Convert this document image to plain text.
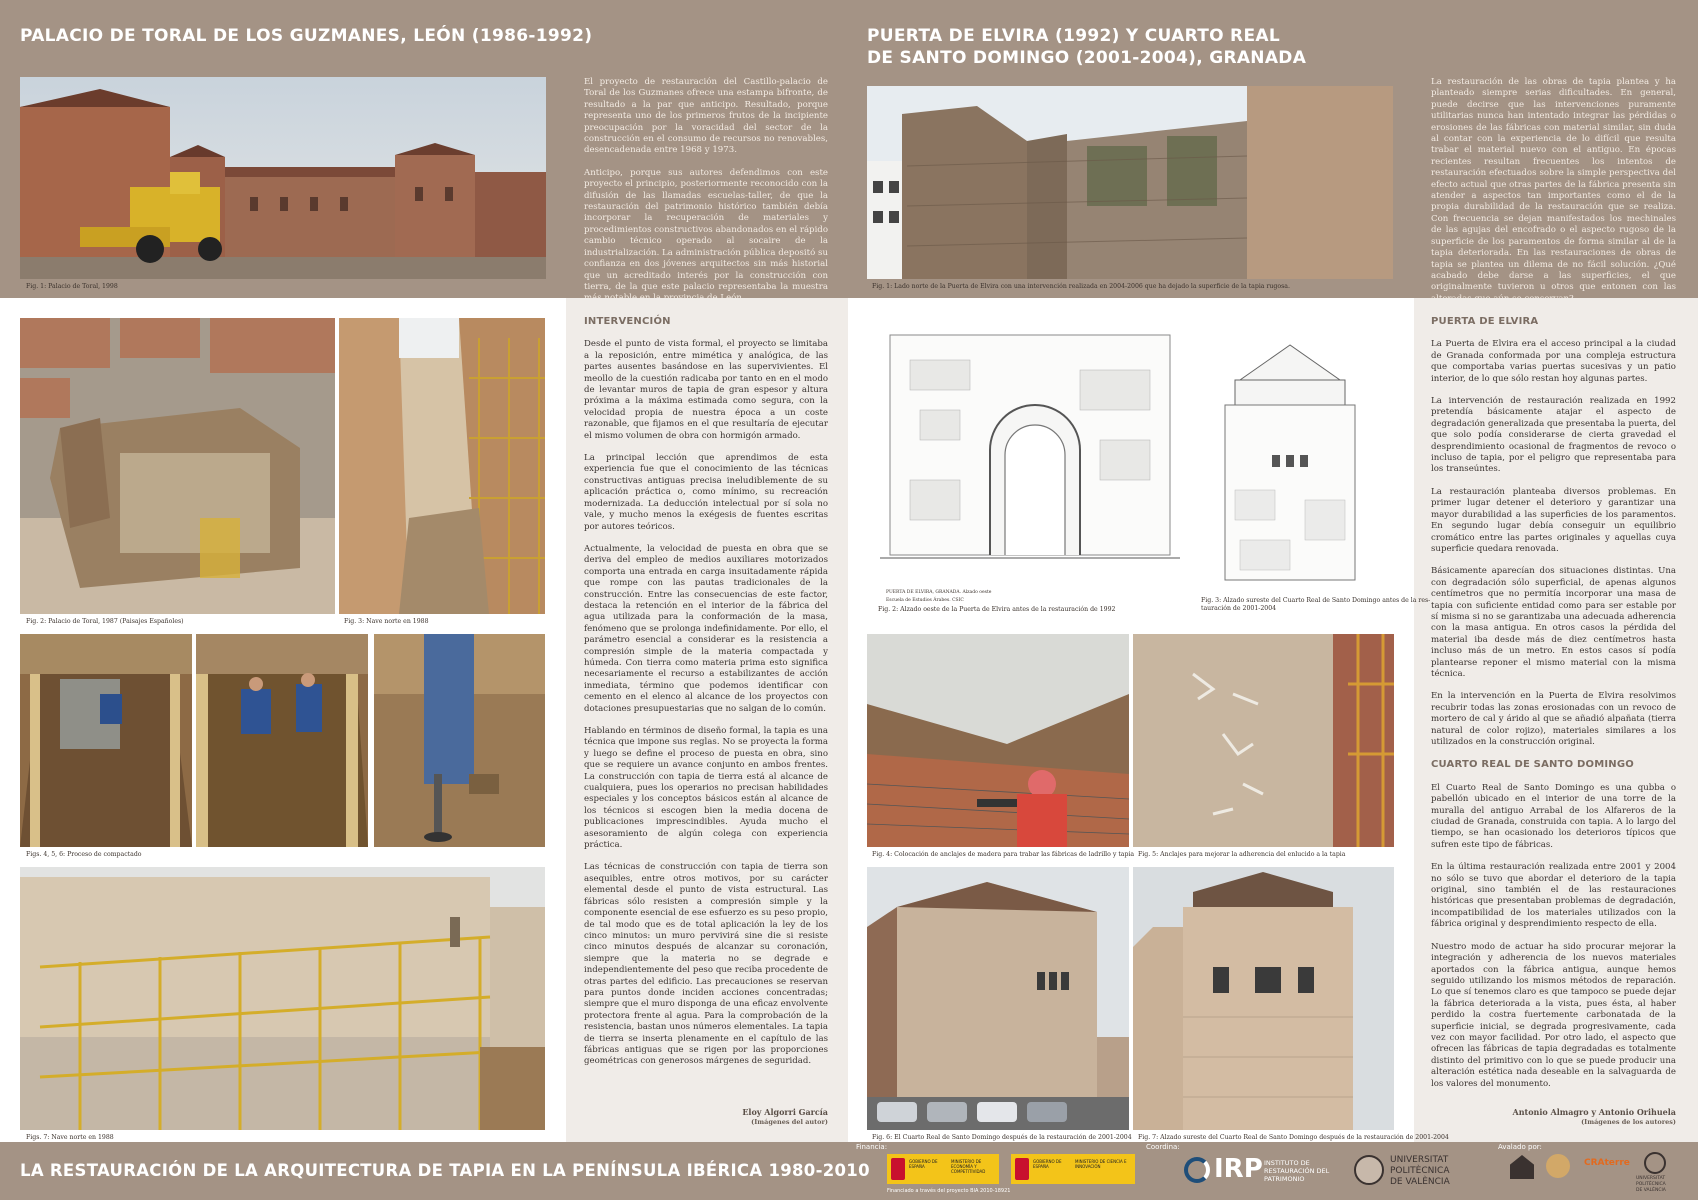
PALACIO DE TORAL DE LOS GUZMANES, LEÓN (1986-1992)	PUERTA DE ELVIRA (1992) Y CUARTO REAL
DE SANTO DOMINGO (2001-2004), GRANADA
Fig. 1: Palacio de Toral, 1998

El proyecto de restauración del Castillo-palacio de Toral de los Guzmanes ofrece una estampa bifronte, de resultado a la par que anticipo. Resultado, porque representa uno de los primeros frutos de la incipiente preocupación por la voracidad del sector de la construcción en el consumo de recursos no renovables, desencadenada entre 1968 y 1973.

Anticipo, porque sus autores defendimos con este proyecto el principio, posteriormente reconocido con la difusión de las llamadas escuelas-taller, de que la restauración del patrimonio histórico también debía incorporar la recuperación de materiales y procedimientos constructivos abandonados en el rápido cambio técnico operado al socaire de la industrialización. La administración pública depositó su confianza en dos jóvenes arquitectos sin más historial que un acreditado interés por la construcción con tierra, de la que este palacio representaba la muestra	Fig. 1: Lado norte de la Puerta de Elvira con una intervención realizada en 2004-2006 que ha dejado la superficie de la tapia rugosa.

La restauración de las obras de tapia plantea y ha planteado siempre serias dificultades. En general, puede decirse que las intervenciones puramente utilitarias nunca han intentado integrar las pérdidas o erosiones de las fábricas con material similar, sin duda al contar con la experiencia de lo difícil que resulta trabar el material nuevo con el antiguo. En épocas recientes resultan frecuentes los intentos de restauración efectuados sobre la simple perspectiva del efecto actual que otras partes de la fábrica presenta sin atender a aspectos tan importantes como el de la propia durabilidad de la restauración que se realiza. Con frecuencia se dejan manifestados los mechinales de las agujas del encofrado o el aspecto rugoso de la superficie de los paramentos de forma similar al de la tapia deteriorada. En las restauraciones de obras de tapia se plantea un dilema de no fácil solución. ¿Qué acabado debe darse a las superficies, el que originalmente tuvieron u otros que entonen con las

Fig. 2: Palacio de Toral, 1987 (Paisajes Españoles)	Fig. 3: Nave norte en 1988
Figs. 4, 5, 6: Proceso de compactado
Figs. 7: Nave norte en 1988
INTERVENCIÓN

Desde el punto de vista formal, el proyecto se limitaba a la reposición, entre mimética y analógica, de las partes ausentes basándose en las supervivientes. El meollo de la cuestión radicaba por tanto en en el modo de levantar muros de tapia de gran espesor y altura próxima a la máxima estimada como segura, con la velocidad propia de nuestra época a un coste razonable, que fijamos en el que resultaría de ejecutar el mismo volumen de obra con hormigón armado.

La principal lección que aprendimos de esta experiencia fue que el conocimiento de las técnicas constructivas antiguas precisa ineludiblemente de su aplicación práctica o, como mínimo, su recreación modernizada. La deducción intelectual por sí sola no vale, y mucho menos la exégesis de fuentes escritas por autores teóricos.

Actualmente, la velocidad de puesta en obra que se deriva del empleo de medios auxiliares motorizados comporta una entrada en carga insuitadamente rápida que rompe con las pautas tradicionales de la construcción. Entre las consecuencias de este factor, destaca la retención en el interior de la fábrica del agua utilizada para la conformación de la masa, fenómeno que se prolonga indefinidamente. Por ello, el parámetro esencial a considerar es la resistencia a compresión simple de la materia compactada y húmeda. Con tierra como materia prima esto significa necesariamente el recurso a estabilizantes de acción inmediata, término que podemos identificar con cemento en el elenco al alcance de los proyectos con dotaciones presupuestarias que no salgan de lo común.

Hablando en términos de diseño formal, la tapia es una técnica que impone sus reglas. No se proyecta la forma y luego se define el proceso de puesta en obra, sino que se requiere un avance conjunto en ambos frentes. La construcción con tapia de tierra está al alcance de cualquiera, pues los operarios no precisan habilidades especiales y los conceptos básicos están al alcance de los técnicos si escogen bien la media docena de publicaciones imprescindibles. Ayuda mucho el asesoramiento de algún colega con experiencia práctica.

Las técnicas de construcción con tapia de tierra son asequibles, entre otros motivos, por su carácter elemental desde el punto de vista estructural. Las fábricas sólo resisten a compresión simple y la componente esencial de ese esfuerzo es su peso propio, de tal modo que es de total aplicación la ley de los cinco minutos: un muro pervivirá sine die si resiste cinco minutos después de alcanzar su coronación, siempre que la materia no se degrade e independientemente del peso que reciba procedente de otras partes del edificio. Las precauciones se reservan para puntos donde inciden acciones concentradas; siempre que el muro disponga de una eficaz envolvente protectora frente al agua. Para la comprobación de la resistencia, bastan unos números elementales. La tapia de tierra se inserta plenamente en el capítulo de las fábricas antiguas que se rigen por las proporciones geométricas con generosos márgenes de seguridad.

Eloy Algorri García
(Imágenes del autor)
PUERTA DE ELVIRA, GRANADA. Alzado oeste
Escuela de Estudios Árabes. CSIC
Fig. 2: Alzado oeste de la Puerta de Elvira antes de la restauración de 1992
Fig. 3: Alzado sureste del Cuarto Real de Santo Domingo antes de la res-
tauración de 2001-2004
Fig. 4: Colocación de anclajes de madera para trabar las fábricas de ladrillo y tapia Fig. 5: Anclajes para mejorar la adherencia del enlucido a la tapia
Fig. 6: El Cuarto Real de Santo Domingo después de la restauración de 2001-2004 Fig. 7: Alzado sureste del Cuarto Real de Santo Domingo después de la restauración de 2001-2004
PUERTA DE ELVIRA

La Puerta de Elvira era el acceso principal a la ciudad de Granada conformada por una compleja estructura que comportaba varias puertas sucesivas y un patio interior, de lo que sólo restan hoy algunas partes.

La intervención de restauración realizada en 1992 pretendía básicamente atajar el aspecto de degradación generalizada que presentaba la puerta, del que solo podía considerarse de cierta gravedad el desprendimiento ocasional de fragmentos de revoco o incluso de tapia, por el peligro que representaba para los transeúntes.

La restauración planteaba diversos problemas. En primer lugar detener el deterioro y garantizar una mayor durabilidad a las superficies de los paramentos. En segundo lugar debía conseguir un equilibrio cromático entre las partes originales y aquellas cuya superficie quedara renovada.

Básicamente aparecían dos situaciones distintas. Una con degradación sólo superficial, de apenas algunos centímetros que no permitía incorporar una masa de tapia con suficiente entidad como para ser estable por sí misma si no se garantizaba una adecuada adherencia con la masa antigua. En otros casos la pérdida del material iba desde más de diez centímetros hasta incluso más de un metro. En estos casos sí podía plantearse reponer el mismo material con la misma técnica.

En la intervención en la Puerta de Elvira resolvimos recubrir todas las zonas erosionadas con un revoco de mortero de cal y árido al que se añadió alpañata (tierra natural de color rojizo), materiales similares a los utilizados en la construcción original.

CUARTO REAL DE SANTO DOMINGO

El Cuarto Real de Santo Domingo es una qubba o pabellón ubicado en el interior de una torre de la muralla del antiguo Arrabal de los Alfareros de la ciudad de Granada, construida con tapia. A lo largo del tiempo, se han ocasionado los deterioros típicos que sufren este tipo de fábricas.

En la última restauración realizada entre 2001 y 2004 no sólo se tuvo que abordar el deterioro de la tapia original, sino también el de las restauraciones históricas que presentaban problemas de degradación, incompatibilidad de los materiales utilizados con la fábrica original y desprendimiento respecto de ella.

Nuestro modo de actuar ha sido procurar mejorar la integración y adherencia de los nuevos materiales aportados con la fábrica antigua, aunque hemos seguido utilizando los mismos métodos de reparación. Lo que sí tenemos claro es que tampoco se puede dejar la fábrica deteriorada a la vista, pues ésta, al haber perdido la costra fuertemente carbonatada de la superficie inicial, se degrada progresivamente, cada vez con mayor facilidad. Por otro lado, el aspecto que ofrecen las fábricas de tapia degradadas es totalmente distinto del primitivo con lo que se puede producir una alteración estética nada deseable en la salvaguarda de los valores del monumento.

Antonio Almagro y Antonio Orihuela
(Imágenes de los autores)
LA RESTAURACIÓN DE LA ARQUITECTURA DE TAPIA EN LA PENÍNSULA IBÉRICA 1980-2010
Financia:	Coordina:	Avalado por:
GOBIERNO DE ESPAÑA
MINISTERIO DE ECONOMÍA Y COMPETITIVIDAD
GOBIERNO DE ESPAÑA
MINISTERIO DE CIENCIA E INNOVACIÓN
Financiado a través del proyecto BIA 2010-18921
IRP INSTITUTO DE
RESTAURACIÓN DEL
PATRIMONIO
UNIVERSITAT
POLITÈCNICA
DE VALÈNCIA
CRAterre
UNIVERSITAT
POLITÈCNICA
DE VALÈNCIA
